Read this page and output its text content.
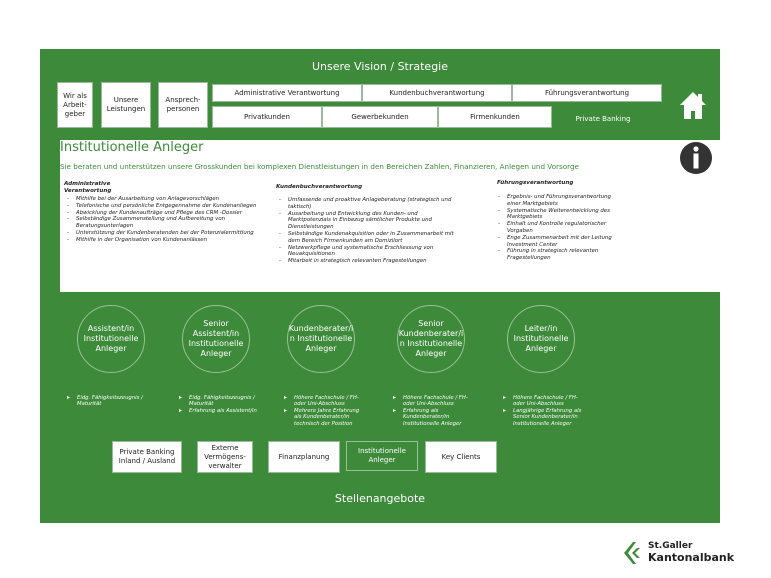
Unsere Vision / Strategie
Wir als Arbeit-geber
Unsere Leistungen
Ansprech-personen
Administrative Verantwortung	Kundenbuchverantwortung	Führungsverantwortung
Privatkunden	Gewerbekunden	Firmenkunden	Private Banking
Institutionelle Anleger
Sie beraten und unterstützen unsere Grosskunden bei komplexen Dienstleistungen in den Bereichen Zahlen, Finanzieren, Anlegen und Vorsorge
Administrative Verantwortung
- Mithilfe bei der Ausarbeitung von Anlagevorschlägen
- Telefonische und persönliche Entgegennahme der Kundenanliegen
- Abwicklung der Kundenaufträge und Pflege des CRM -Dossier
- Selbständige Zusammenstellung und Aufbereitung von Beratungsunterlagen
- Unterstützung der Kundenberatenden bei der Potenzialermittlung
- Mithilfe in der Organisation von Kundenanlässen
Kundenbuchverantwortung
- Umfassende und proaktive Anlageberatung (strategisch und taktisch)
- Ausarbeitung und Entwicklung des Kunden- und Marktpotenzials in Einbezug sämtlicher Produkte und Dienstleistungen
- Selbständige Kundenakquisition oder in Zusammenarbeit mit dem Bereich Firmenkunden am Domizilort
- Netzwerkpflege und systematische Erschliessung von Neuakquisitionen
- Mitarbeit in strategisch relevanten Fragestellungen
Führungsverantwortung
- Ergebnis- und Führungsverantwortung einer Marktgebiets
- Systematische Weiterentwicklung des Marktgebiets
- Einhalt und Kontrolle regulatorischer Vorgaben
- Enge Zusammenarbeit mit der Leitung Investment Center
- Führung in strategisch relevanten Fragestellungen
Assistent/in Institutionelle Anleger
Senior Assistent/in Institutionelle Anleger
Kundenberater/i n Institutionelle Anleger
Senior Kundenberater/i n Institutionelle Anleger
Leiter/in Institutionelle Anleger
▸ Eidg. Fähigkeitszeugnis / Maturität
▸ Eidg. Fähigkeitszeugnis / Maturität
▸ Erfahrung als Assistent/in
▸ Höhere Fachschule / FH- oder Uni-Abschluss
▸ Mehrere Jahre Erfahrung als Kundenberater/in technisch der Position
▸ Höhere Fachschule / FH- oder Uni-Abschluss
▸ Erfahrung als Kundenberater/in Institutionelle Anleger
▸ Höhere Fachschule / FH- oder Uni-Abschluss
▸ Langjährige Erfahrung als Senior Kundenberater/in Institutionelle Anleger
Private Banking Inland / Ausland
Externe Vermögens-verwalter
Finanzplanung
Institutionelle Anleger	Key Clients
Stellenangebote
St.Galler
Kantonalbank
